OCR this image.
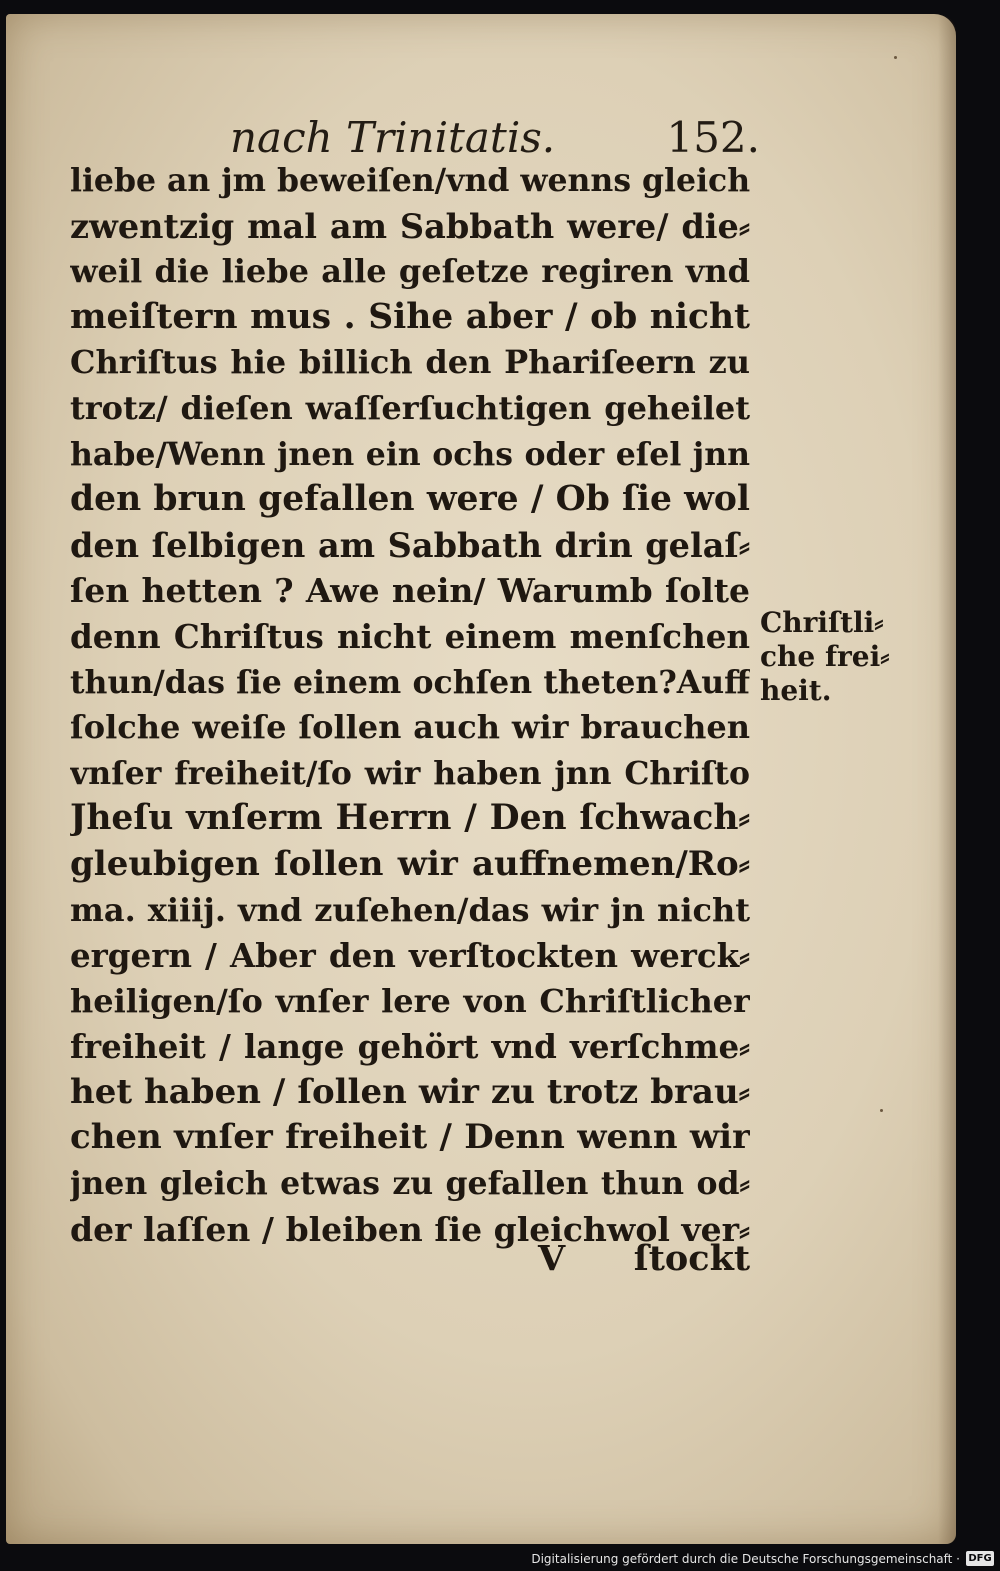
nach Trinitatis.	152.
liebe an jm beweiſen/vnd wenns gleich
zwentzig mal am Sabbath were/ die⸗
weil die liebe alle geſetze regiren vnd
meiſtern mus . Sihe aber / ob nicht
Chriſtus hie billich den Phariſeern zu
trotz/ dieſen waſſerſuchtigen geheilet
habe/Wenn jnen ein ochs oder eſel jnn
den brun gefallen were / Ob ſie wol
den ſelbigen am Sabbath drin gelaſ⸗
ſen hetten ? Awe nein/ Warumb ſolte
denn Chriſtus nicht einem menſchen
thun/das ſie einem ochſen theten?Auff
ſolche weiſe ſollen auch wir brauchen
vnſer freiheit/ſo wir haben jnn Chriſto
Jheſu vnſerm Herrn / Den ſchwach⸗
gleubigen ſollen wir auffnemen/Ro⸗
ma. xiiij. vnd zuſehen/das wir jn nicht
ergern / Aber den verſtockten werck⸗
heiligen/ſo vnſer lere von Chriſtlicher
freiheit / lange gehört vnd verſchme⸗
het haben / ſollen wir zu trotz brau⸗
chen vnſer freiheit / Denn wenn wir
jnen gleich etwas zu gefallen thun od⸗
der laſſen / bleiben ſie gleichwol ver⸗
Chriſtli⸗
che frei⸗
heit.
V ſtockt
Digitalisierung gefördert durch die Deutsche Forschungsgemeinschaft · DFG
